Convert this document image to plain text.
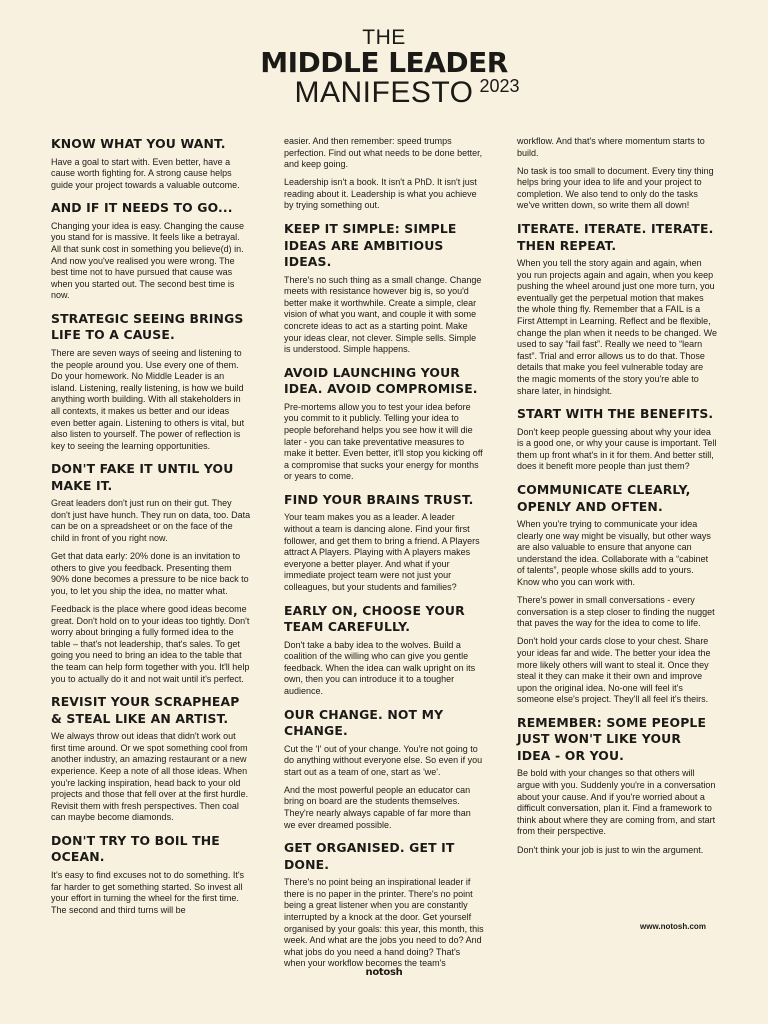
THE
MIDDLE LEADER
MANIFESTO 2023
KNOW WHAT YOU WANT.

Have a goal to start with. Even better, have a cause worth fighting for. A strong cause helps guide your project towards a valuable outcome.

AND IF IT NEEDS TO GO...

Changing your idea is easy. Changing the cause you stand for is massive. It feels like a betrayal. All that sunk cost in something you believe(d) in. And now you've realised you were wrong. The best time not to have pursued that cause was when you started out. The second best time is now.

STRATEGIC SEEING BRINGS LIFE TO A CAUSE.

There are seven ways of seeing and listening to the people around you. Use every one of them. Do your homework. No Middle Leader is an island. Listening, really listening, is how we build anything worth building. With all stakeholders in all contexts, it makes us better and our ideas even better again. Listening to others is vital, but also listen to yourself. The power of reflection is key to seeing the learning opportunities.

DON'T FAKE IT UNTIL YOU MAKE IT.

Great leaders don't just run on their gut. They don't just have hunch. They run on data, too. Data can be on a spreadsheet or on the face of the child in front of you right now.

Get that data early: 20% done is an invitation to others to give you feedback. Presenting them 90% done becomes a pressure to be nice back to you, to let you ship the idea, no matter what.

Feedback is the place where good ideas become great. Don't hold on to your ideas too tightly. Don't worry about bringing a fully formed idea to the table – that's not leadership, that's sales. To get going you need to bring an idea to the table that the team can help form together with you. It'll help you to actually do it and not wait until it's perfect.

REVISIT YOUR SCRAPHEAP & STEAL LIKE AN ARTIST.

We always throw out ideas that didn't work out first time around. Or we spot something cool from another industry, an amazing restaurant or a new experience. Keep a note of all those ideas. When you're lacking inspiration, head back to your old projects and those that fell over at the first hurdle. Revisit them with fresh perspectives. Then coal can maybe become diamonds.

DON'T TRY TO BOIL THE OCEAN.

It's easy to find excuses not to do something. It's far harder to get something started. So invest all your effort in turning the wheel for the first time. The second and third turns will be

easier. And then remember: speed trumps perfection. Find out what needs to be done better, and keep going.

Leadership isn't a book. It isn't a PhD. It isn't just reading about it. Leadership is what you achieve by trying something out.

KEEP IT SIMPLE: SIMPLE IDEAS ARE AMBITIOUS IDEAS.

There's no such thing as a small change. Change meets with resistance however big is, so you'd better make it worthwhile. Create a simple, clear vision of what you want, and couple it with some concrete ideas to act as a starting point. Make your ideas clear, not clever. Simple sells. Simple is understood. Simple happens.

AVOID LAUNCHING YOUR IDEA. AVOID COMPROMISE.

Pre-mortems allow you to test your idea before you commit to it publicly. Telling your idea to people beforehand helps you see how it will die later - you can take preventative measures to make it better. Even better, it'll stop you kicking off a compromise that sucks your energy for months or years to come.

FIND YOUR BRAINS TRUST.

Your team makes you as a leader. A leader without a team is dancing alone. Find your first follower, and get them to bring a friend. A Players attract A Players. Playing with A players makes everyone a better player. And what if your immediate project team were not just your colleagues, but your students and families?

EARLY ON, CHOOSE YOUR TEAM CAREFULLY.

Don't take a baby idea to the wolves. Build a coalition of the willing who can give you gentle feedback. When the idea can walk upright on its own, then you can introduce it to a tougher audience.

OUR CHANGE. NOT MY CHANGE.

Cut the 'I' out of your change. You're not going to do anything without everyone else. So even if you start out as a team of one, start as 'we'.

And the most powerful people an educator can bring on board are the students themselves. They're nearly always capable of far more than we ever dreamed possible.

GET ORGANISED. GET IT DONE.

There's no point being an inspirational leader if there is no paper in the printer. There's no point being a great listener when you are constantly interrupted by a knock at the door. Get yourself organised by your goals: this year, this month, this week. And what are the jobs you need to do? And what jobs do you need a hand doing? That's when your workflow becomes the team's

workflow. And that's where momentum starts to build.

No task is too small to document. Every tiny thing helps bring your idea to life and your project to completion. We also tend to only do the tasks we've written down, so write them all down!

ITERATE. ITERATE. ITERATE. THEN REPEAT.

When you tell the story again and again, when you run projects again and again, when you keep pushing the wheel around just one more turn, you eventually get the perpetual motion that makes the whole thing fly. Remember that a FAIL is a First Attempt in Learning. Reflect and be flexible, change the plan when it needs to be changed. We used to say “fail fast”. Really we need to “learn fast”. Trial and error allows us to do that. Those details that make you feel vulnerable today are the magic moments of the story you're able to share later, in hindsight.

START WITH THE BENEFITS.

Don't keep people guessing about why your idea is a good one, or why your cause is important. Tell them up front what's in it for them. And better still, does it benefit more people than just them?

COMMUNICATE CLEARLY, OPENLY AND OFTEN.

When you're trying to communicate your idea clearly one way might be visually, but other ways are also valuable to ensure that anyone can understand the idea. Collaborate with a “cabinet of talents”, people whose skills add to yours. Know who you can work with.

There's power in small conversations - every conversation is a step closer to finding the nugget that paves the way for the idea to come to life.

Don't hold your cards close to your chest. Share your ideas far and wide. The better your idea the more likely others will want to steal it. Once they steal it they can make it their own and improve upon the original idea. No-one will feel it's someone else's project. They'll all feel it's theirs.

REMEMBER: SOME PEOPLE JUST WON'T LIKE YOUR IDEA - OR YOU.

Be bold with your changes so that others will argue with you. Suddenly you're in a conversation about your cause. And if you're worried about a difficult conversation, plan it. Find a framework to think about where they are coming from, and start from their perspective.

Don't think your job is just to win the argument.

www.notosh.com
notosh
